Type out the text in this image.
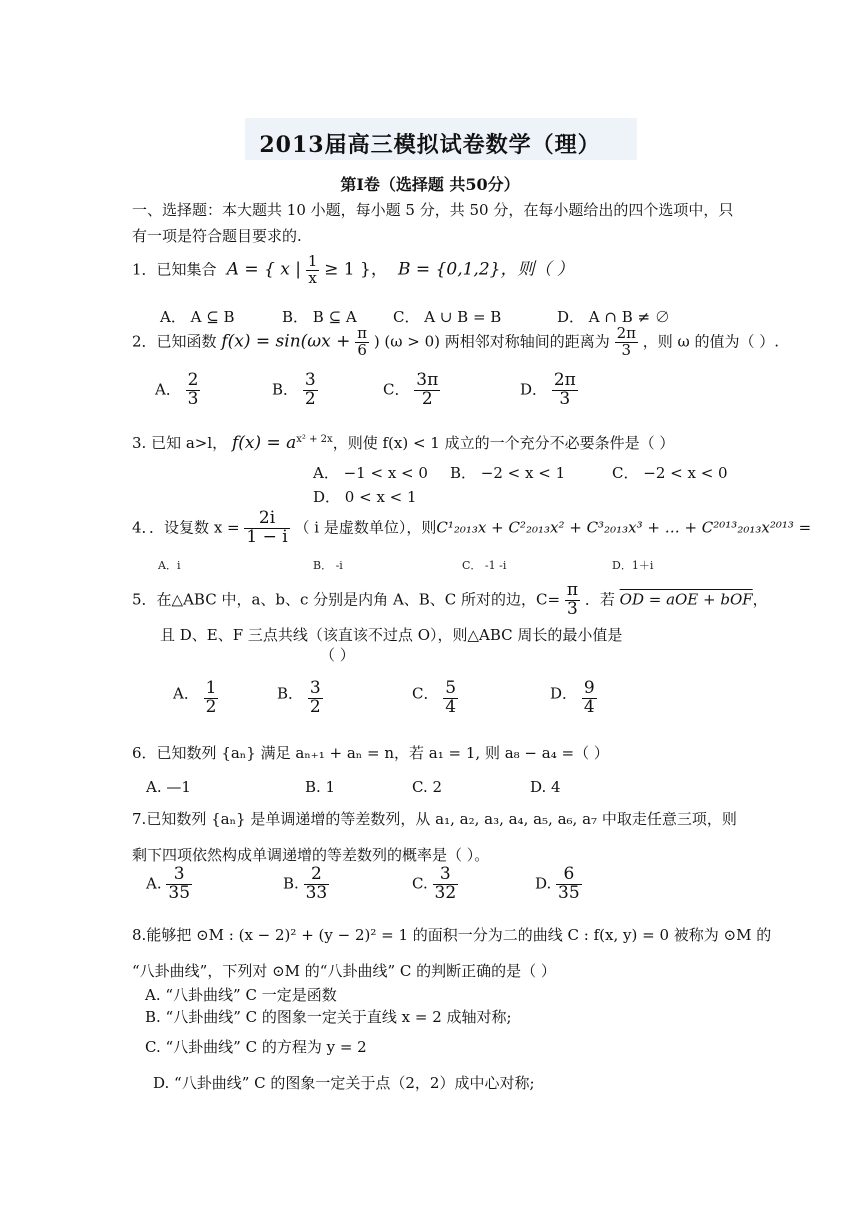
2013届高三模拟试卷数学（理）
第Ⅰ卷（选择题 共50分）
一、选择题：本大题共 10 小题，每小题 5 分，共 50 分，在每小题给出的四个选项中，只
有一项是符合题目要求的.
1．已知集合 A = { x | $\frac{1}{x} \ge 1$ }， B = {0,1,2}，则（ ）
A． A ⊆ B	B． B ⊆ A C． A ∪ B = B	D． A ∩ B ≠ ∅
2．已知函数 $f(x) = \sin(\omega x + \frac{\pi}{6}$ ) (ω > 0) 两相邻对称轴间的距离为 $\frac{2\pi}{3}$ ，则 ω 的值为（ ）.
A． $\frac{2}{3}$	B． $\frac{3}{2}$	C． $\frac{3\pi}{2}$	D． $\frac{2\pi}{3}$
3. 已知 a>l， $f(x) = a^{x^2 + 2x}$，则使 f(x) < 1 成立的一个充分不必要条件是（ ）
A． −1 < x < 0 B． −2 < x < 1	C． −2 < x < 0
D． 0 < x < 1
4．．设复数 $x = \frac{2i}{1 - i}$ （ i 是虚数单位），则C¹₂₀₁₃x + C²₂₀₁₃x² + C³₂₀₁₃x³ + … + C²⁰¹³₂₀₁₃x²⁰¹³ =
A．i	B． -i	C． -1 -i	D．1＋i
5．在△ABC 中，a、b、c 分别是内角 A、B、C 所对的边，$C= \frac{\pi}{3}$ ．若 OD = aOE + bOF，
且 D、E、F 三点共线（该直该不过点 O），则△ABC 周长的最小值是
（ ）
A． $\frac{1}{2}$	B． $\frac{3}{2}$	C． $\frac{5}{4}$	D． $\frac{9}{4}$
6．已知数列 {aₙ} 满足 aₙ₊₁ + aₙ = n，若 a₁ = 1, 则 a₈ − a₄ =（ ）
A. —1	B. 1	C. 2	D. 4
7.已知数列 {aₙ} 是单调递增的等差数列，从 a₁, a₂, a₃, a₄, a₅, a₆, a₇ 中取走任意三项，则
剩下四项依然构成单调递增的等差数列的概率是（ ）。
A. $\frac{3}{35}$	B. $\frac{2}{33}$	C. $\frac{3}{32}$	D. $\frac{6}{35}$
8.能够把 ⊙M : (x − 2)² + (y − 2)² = 1 的面积一分为二的曲线 C : f(x, y) = 0 被称为 ⊙M 的
“八卦曲线”，下列对 ⊙M 的“八卦曲线” C 的判断正确的是（ ）
A. “八卦曲线” C 一定是函数
B. “八卦曲线” C 的图象一定关于直线 x = 2 成轴对称;
C. “八卦曲线” C 的方程为 y = 2
D. “八卦曲线” C 的图象一定关于点（2，2）成中心对称;
